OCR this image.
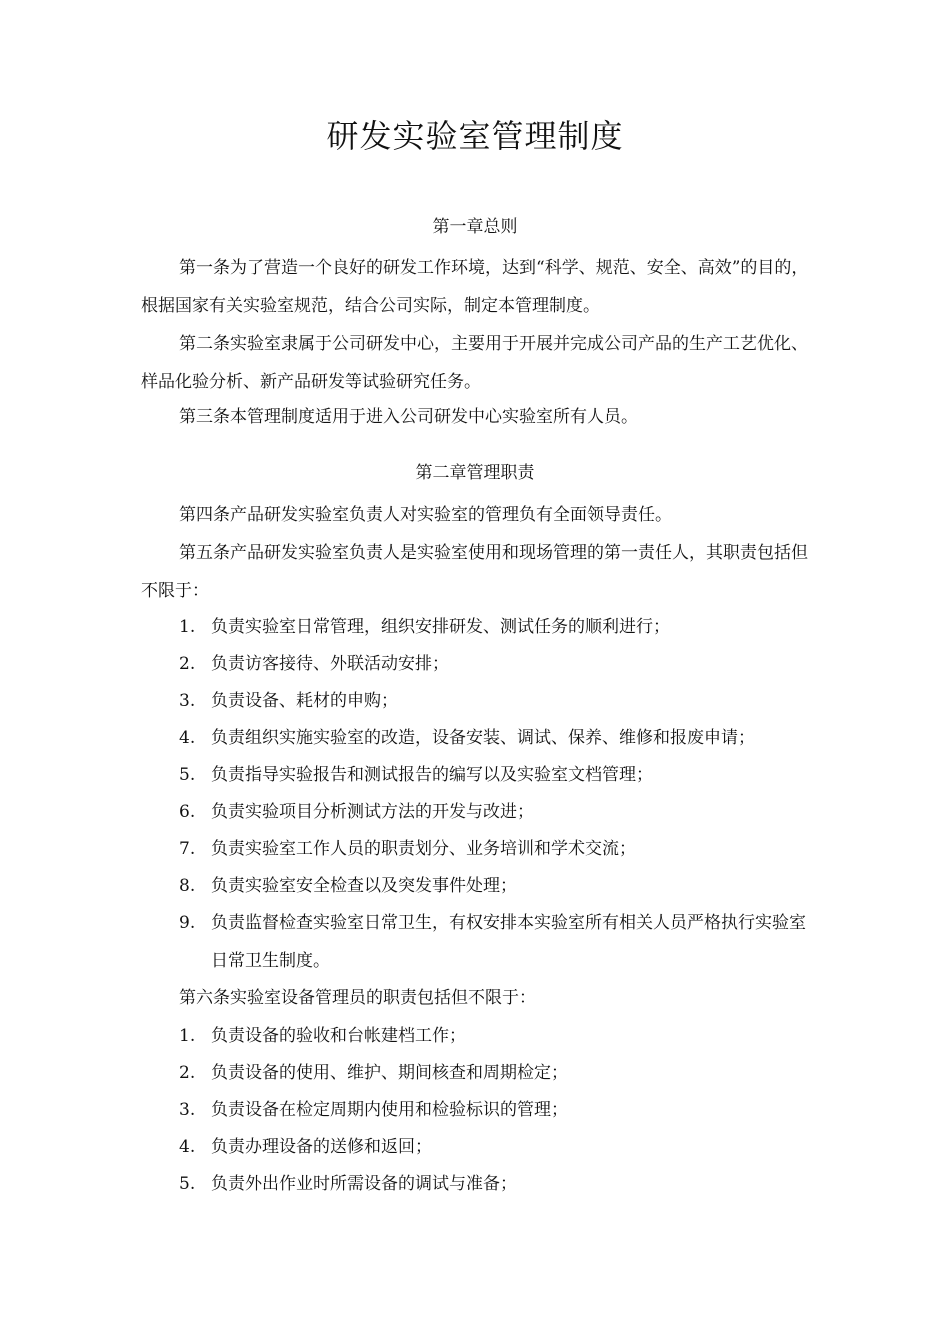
研发实验室管理制度
第一章总则

第一条为了营造一个良好的研发工作环境，达到“科学、规范、安全、高效”的目的，根据国家有关实验室规范，结合公司实际，制定本管理制度。

第二条实验室隶属于公司研发中心，主要用于开展并完成公司产品的生产工艺优化、样品化验分析、新产品研发等试验研究任务。

第三条本管理制度适用于进入公司研发中心实验室所有人员。

第二章管理职责

第四条产品研发实验室负责人对实验室的管理负有全面领导责任。

第五条产品研发实验室负责人是实验室使用和现场管理的第一责任人，其职责包括但不限于：

1. 负责实验室日常管理，组织安排研发、测试任务的顺利进行；
2. 负责访客接待、外联活动安排；
3. 负责设备、耗材的申购；
4. 负责组织实施实验室的改造，设备安装、调试、保养、维修和报废申请；
5. 负责指导实验报告和测试报告的编写以及实验室文档管理；
6. 负责实验项目分析测试方法的开发与改进；
7. 负责实验室工作人员的职责划分、业务培训和学术交流；
8. 负责实验室安全检查以及突发事件处理；
9. 负责监督检查实验室日常卫生，有权安排本实验室所有相关人员严格执行实验室日常卫生制度。

第六条实验室设备管理员的职责包括但不限于：

1. 负责设备的验收和台帐建档工作；
2. 负责设备的使用、维护、期间核查和周期检定；
3. 负责设备在检定周期内使用和检验标识的管理；
4. 负责办理设备的送修和返回；
5. 负责外出作业时所需设备的调试与准备；
